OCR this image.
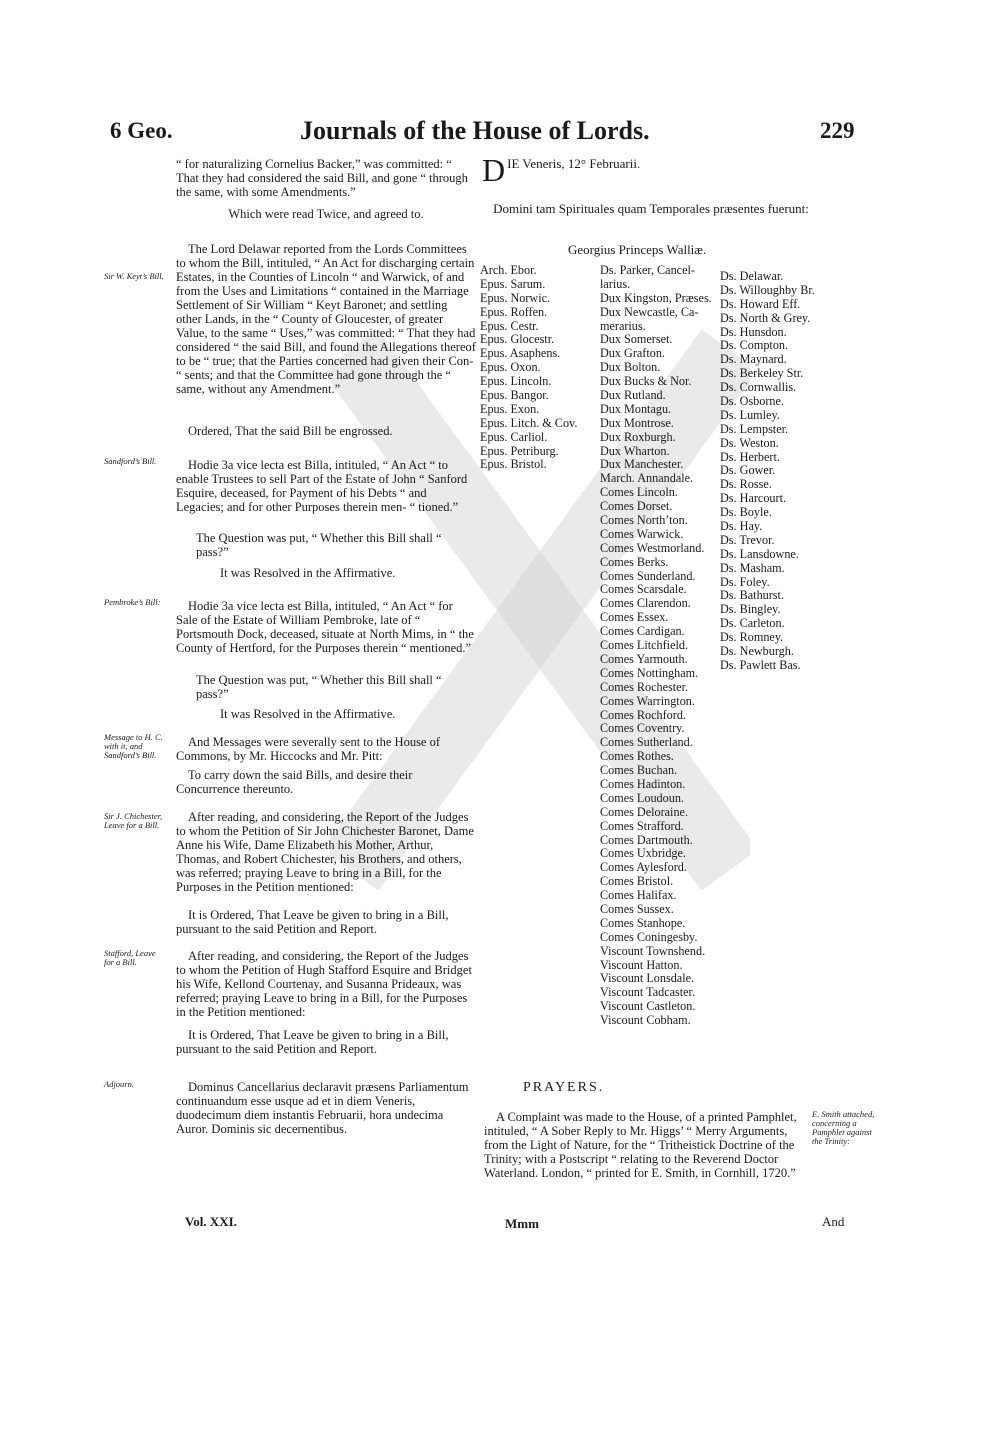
6 Geo.	Journals of the House of Lords.	229
Sir W. Keyt’s Bill.
Sandford’s Bill.
Pembroke’s Bill:
Message to H. C. with it, and Sandford’s Bill.
Sir J. Chichester, Leave for a Bill.
Stafford, Leave for a Bill.
Adjourn.

“ for naturalizing Cornelius Backer,” was committed: “ That they had considered the said Bill, and gone “ through the same, with some Amendments.”

Which were read Twice, and agreed to.

The Lord Delawar reported from the Lords Committees to whom the Bill, intituled, “ An Act for discharging certain Estates, in the Counties of Lincoln “ and Warwick, of and from the Uses and Limitations “ contained in the Marriage Settlement of Sir William “ Keyt Baronet; and settling other Lands, in the “ County of Gloucester, of greater Value, to the same “ Uses,” was committed: “ That they had considered “ the said Bill, and found the Allegations thereof to be “ true; that the Parties concerned had given their Con- “ sents; and that the Committee had gone through the “ same, without any Amendment.”

Ordered, That the said Bill be engrossed.

Hodie 3a vice lecta est Billa, intituled, “ An Act “ to enable Trustees to sell Part of the Estate of John “ Sanford Esquire, deceased, for Payment of his Debts “ and Legacies; and for other Purposes therein men- “ tioned.”

The Question was put, “ Whether this Bill shall “ pass?”

It was Resolved in the Affirmative.

Hodie 3a vice lecta est Billa, intituled, “ An Act “ for Sale of the Estate of William Pembroke, late of “ Portsmouth Dock, deceased, situate at North Mims, in “ the County of Hertford, for the Purposes therein “ mentioned.”

The Question was put, “ Whether this Bill shall “ pass?”

It was Resolved in the Affirmative.

And Messages were severally sent to the House of Commons, by Mr. Hiccocks and Mr. Pitt:

To carry down the said Bills, and desire their Concurrence thereunto.

After reading, and considering, the Report of the Judges to whom the Petition of Sir John Chichester Baronet, Dame Anne his Wife, Dame Elizabeth his Mother, Arthur, Thomas, and Robert Chichester, his Brothers, and others, was referred; praying Leave to bring in a Bill, for the Purposes in the Petition mentioned:

It is Ordered, That Leave be given to bring in a Bill, pursuant to the said Petition and Report.

After reading, and considering, the Report of the Judges to whom the Petition of Hugh Stafford Esquire and Bridget his Wife, Kellond Courtenay, and Susanna Prideaux, was referred; praying Leave to bring in a Bill, for the Purposes in the Petition mentioned:

It is Ordered, That Leave be given to bring in a Bill, pursuant to the said Petition and Report.

Dominus Cancellarius declaravit præsens Parliamentum continuandum esse usque ad et in diem Veneris, duodecimum diem instantis Februarii, hora undecima Auror. Dominis sic decernentibus.

D IE Veneris, 12° Februarii.
Domini tam Spirituales quam Temporales præsentes fuerunt:
Georgius Princeps Walliæ.
Arch. Ebor.
Epus. Sarum.
Epus. Norwic.
Epus. Roffen.
Epus. Cestr.
Epus. Glocestr.
Epus. Asaphens.
Epus. Oxon.
Epus. Lincoln.
Epus. Bangor.
Epus. Exon.
Epus. Litch. & Cov.
Epus. Carliol.
Epus. Petriburg.
Epus. Bristol.
Ds. Parker, Cancel-
larius.
Dux Kingston, Præses.
Dux Newcastle, Ca-
merarius.
Dux Somerset.
Dux Grafton.
Dux Bolton.
Dux Bucks & Nor.
Dux Rutland.
Dux Montagu.
Dux Montrose.
Dux Roxburgh.
Dux Wharton.
Dux Manchester.
March. Annandale.
Comes Lincoln.
Comes Dorset.
Comes North’ton.
Comes Warwick.
Comes Westmorland.
Comes Berks.
Comes Sunderland.
Comes Scarsdale.
Comes Clarendon.
Comes Essex.
Comes Cardigan.
Comes Litchfield.
Comes Yarmouth.
Comes Nottingham.
Comes Rochester.
Comes Warrington.
Comes Rochford.
Comes Coventry.
Comes Sutherland.
Comes Rothes.
Comes Buchan.
Comes Hadinton.
Comes Loudoun.
Comes Deloraine.
Comes Strafford.
Comes Dartmouth.
Comes Uxbridge.
Comes Aylesford.
Comes Bristol.
Comes Halifax.
Comes Sussex.
Comes Stanhope.
Comes Coningesby.
Viscount Townshend.
Viscount Hatton.
Viscount Lonsdale.
Viscount Tadcaster.
Viscount Castleton.
Viscount Cobham.
Ds. Delawar.
Ds. Willoughby Br.
Ds. Howard Eff.
Ds. North & Grey.
Ds. Hunsdon.
Ds. Compton.
Ds. Maynard.
Ds. Berkeley Str.
Ds. Cornwallis.
Ds. Osborne.
Ds. Lumley.
Ds. Lempster.
Ds. Weston.
Ds. Herbert.
Ds. Gower.
Ds. Rosse.
Ds. Harcourt.
Ds. Boyle.
Ds. Hay.
Ds. Trevor.
Ds. Lansdowne.
Ds. Masham.
Ds. Foley.
Ds. Bathurst.
Ds. Bingley.
Ds. Carleton.
Ds. Romney.
Ds. Newburgh.
Ds. Pawlett Bas.
PRAYERS.
A Complaint was made to the House, of a printed Pamphlet, intituled, “ A Sober Reply to Mr. Higgs’ “ Merry Arguments, from the Light of Nature, for the “ Tritheistick Doctrine of the Trinity; with a Postscript “ relating to the Reverend Doctor Waterland. London, “ printed for E. Smith, in Cornhill, 1720.”
E. Smith attached, concerning a Pamphlet against the Trinity:
Vol. XXI.	Mmm	And
